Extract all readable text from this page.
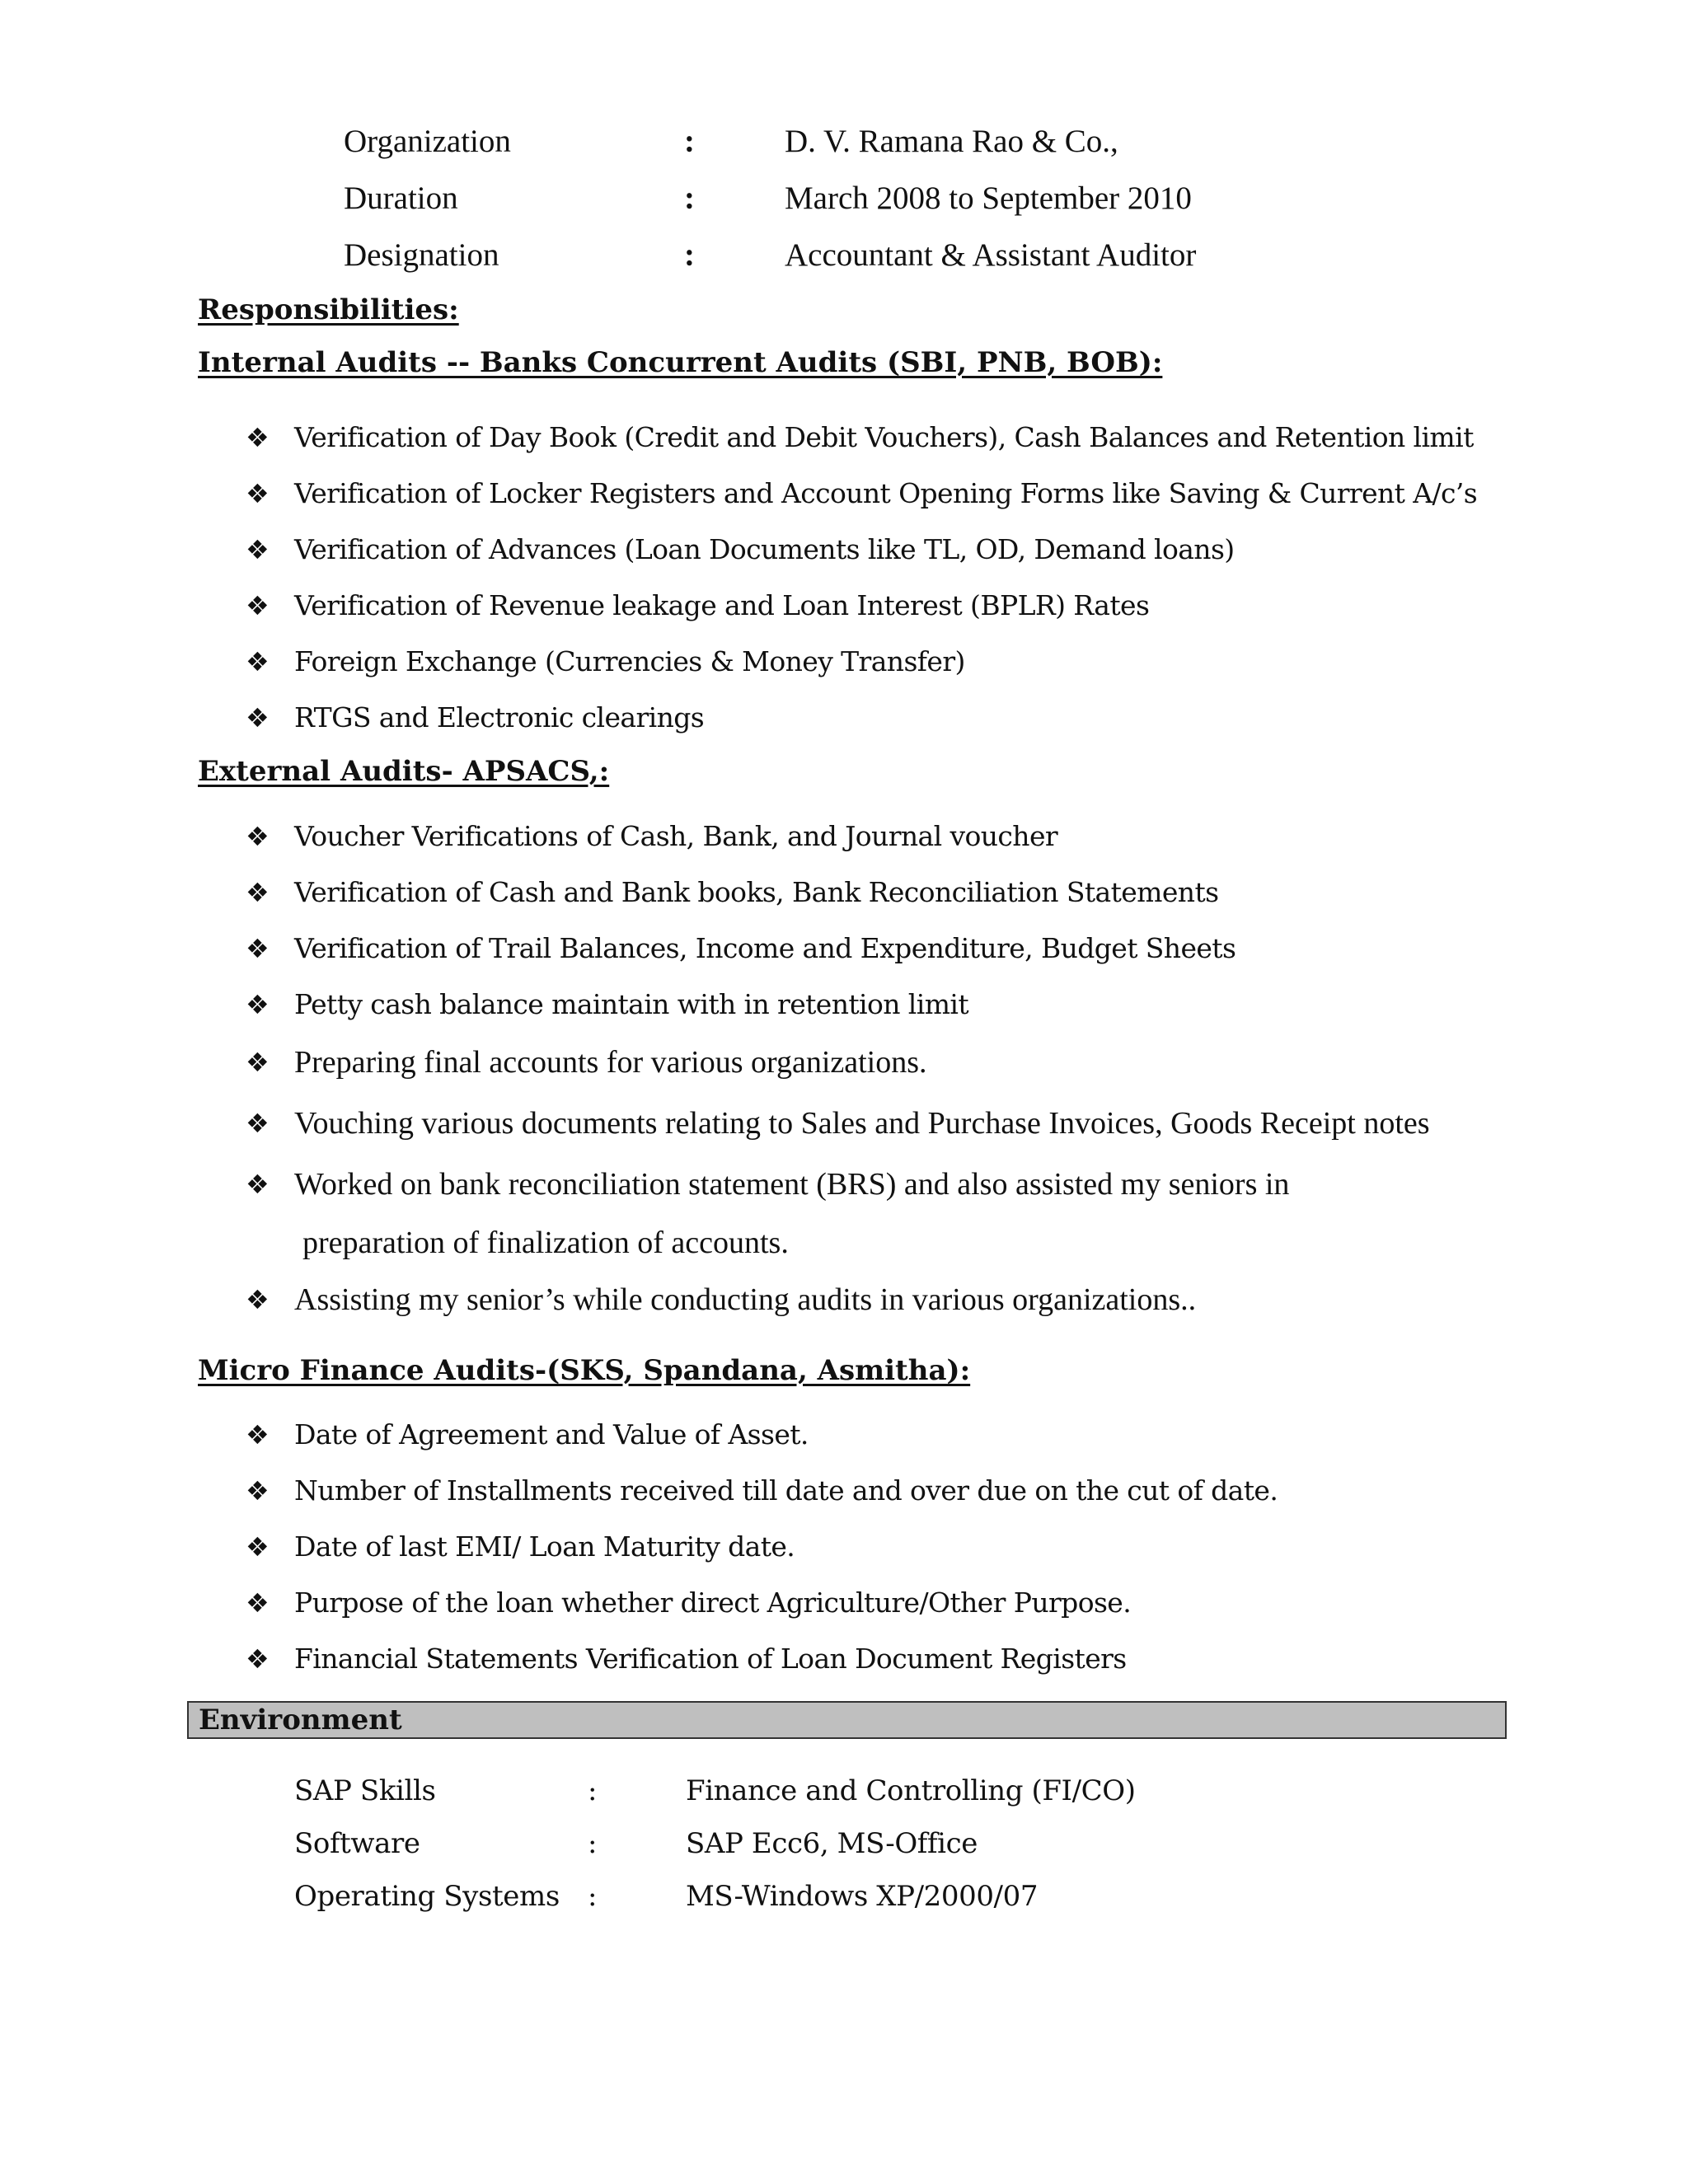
Organization	:	D. V. Ramana Rao & Co.,
Duration	:	March 2008 to September 2010
Designation	:	Accountant & Assistant Auditor
Responsibilities:
Internal Audits -- Banks Concurrent Audits (SBI, PNB, BOB):
❖ Verification of Day Book (Credit and Debit Vouchers), Cash Balances and Retention limit
❖ Verification of Locker Registers and Account Opening Forms like Saving & Current A/c’s
❖ Verification of Advances (Loan Documents like TL, OD, Demand loans)
❖ Verification of Revenue leakage and Loan Interest (BPLR) Rates
❖ Foreign Exchange (Currencies & Money Transfer)
❖ RTGS and Electronic clearings
External Audits- APSACS,:
❖ Voucher Verifications of Cash, Bank, and Journal voucher
❖ Verification of Cash and Bank books, Bank Reconciliation Statements
❖ Verification of Trail Balances, Income and Expenditure, Budget Sheets
❖ Petty cash balance maintain with in retention limit
❖ Preparing final accounts for various organizations.
❖ Vouching various documents relating to Sales and Purchase Invoices, Goods Receipt notes
❖ Worked on bank reconciliation statement (BRS) and also assisted my seniors in
preparation of finalization of accounts.
❖ Assisting my senior’s while conducting audits in various organizations..
Micro Finance Audits-(SKS, Spandana, Asmitha):
❖ Date of Agreement and Value of Asset.
❖ Number of Installments received till date and over due on the cut of date.
❖ Date of last EMI/ Loan Maturity date.
❖ Purpose of the loan whether direct Agriculture/Other Purpose.
❖ Financial Statements Verification of Loan Document Registers
Environment
SAP Skills	:	Finance and Controlling (FI/CO)
Software	:	SAP Ecc6, MS-Office
Operating Systems :	MS-Windows XP/2000/07
